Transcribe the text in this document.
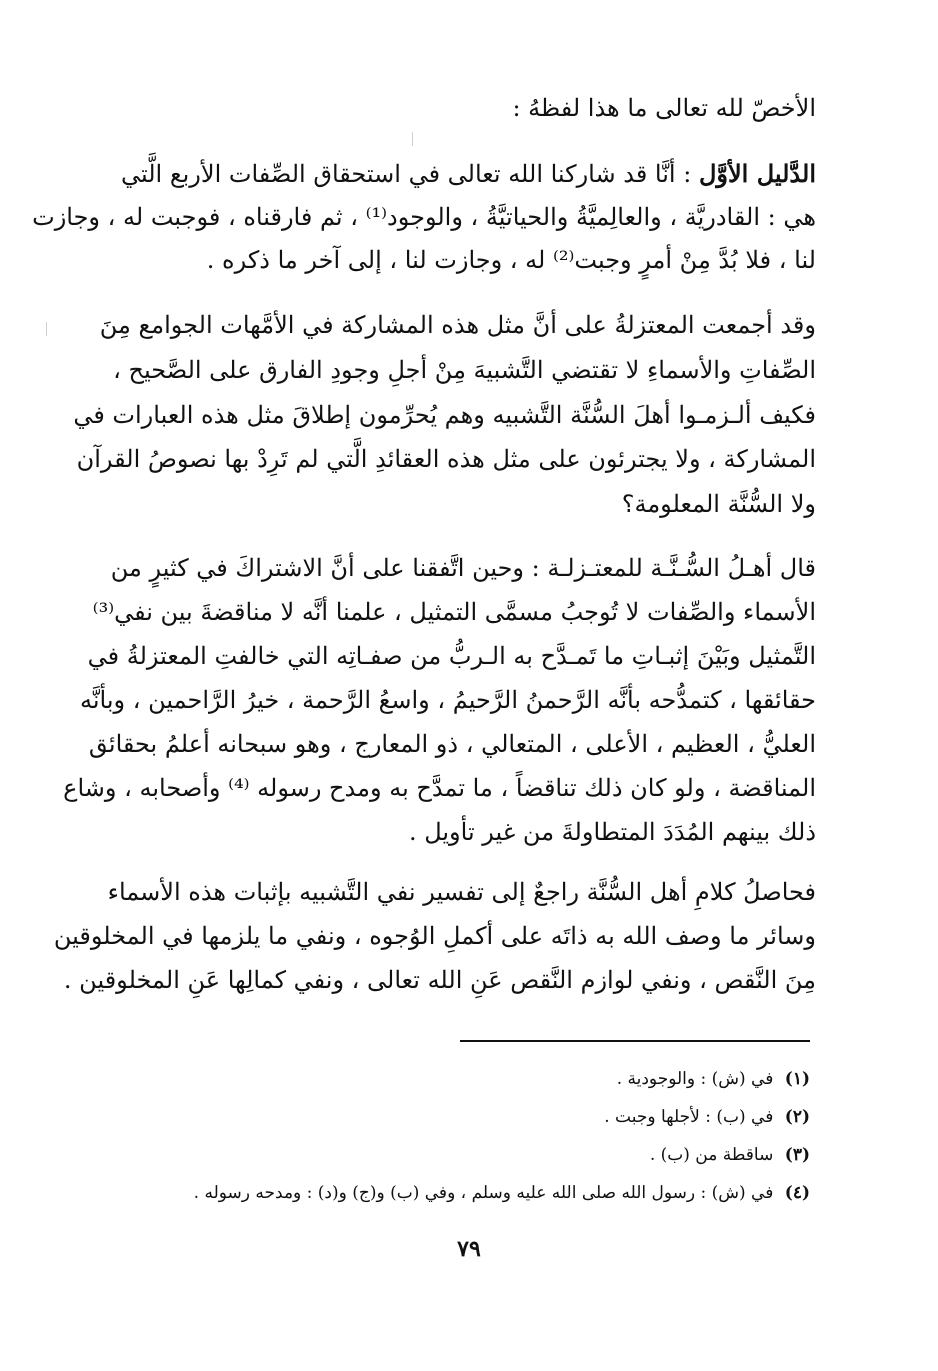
الأخصّ لله تعالى ما هذا لفظهُ :
الدَّليل الأوَّل : أنَّا قد شاركنا الله تعالى في استحقاق الصِّفات الأربع الَّتي
هي : القادريَّة ، والعالِميَّةُ والحياتيَّةُ ، والوجود⁽¹⁾ ، ثم فارقناه ، فوجبت له ، وجازت
لنا ، فلا بُدَّ مِنْ أمرٍ وجبت⁽²⁾ له ، وجازت لنا ، إلى آخر ما ذكره .
وقد أجمعت المعتزلةُ على أنَّ مثل هذه المشاركة في الأمَّهات الجوامع مِنَ
الصِّفاتِ والأسماءِ لا تقتضي التَّشبيهَ مِنْ أجلِ وجودِ الفارق على الصَّحيح ،
فكيف ألـزمـوا أهلَ السُّنَّة التَّشبيه وهم يُحرِّمون إطلاقَ مثل هذه العبارات في
المشاركة ، ولا يجترئون على مثل هذه العقائدِ الَّتي لم تَرِدْ بها نصوصُ القرآن
ولا السُّنَّة المعلومة؟
قال أهـلُ السُّـنَّـة للمعتـزلـة : وحين اتَّفقنا على أنَّ الاشتراكَ في كثيرٍ من
الأسماء والصِّفات لا تُوجبُ مسمَّى التمثيل ، علمنا أنَّه لا مناقضةَ بين نفي⁽³⁾
التَّمثيل وبَيْنَ إثبـاتِ ما تَمـدَّح به الـربُّ من صفـاتِه التي خالفتِ المعتزلةُ في
حقائقها ، كتمدُّحه بأنَّه الرَّحمنُ الرَّحيمُ ، واسعُ الرَّحمة ، خيرُ الرَّاحمين ، وبأنَّه
العليُّ ، العظيم ، الأعلى ، المتعالي ، ذو المعارج ، وهو سبحانه أعلمُ بحقائق
المناقضة ، ولو كان ذلك تناقضاً ، ما تمدَّح به ومدح رسوله ⁽⁴⁾ وأصحابه ، وشاع
ذلك بينهم المُدَدَ المتطاولةَ من غير تأويل .
فحاصلُ كلامِ أهل السُّنَّة راجعٌ إلى تفسير نفي التَّشبيه بإثبات هذه الأسماء
وسائر ما وصف الله به ذاتَه على أكملِ الوُجوه ، ونفي ما يلزمها في المخلوقين
مِنَ النَّقص ، ونفي لوازم النَّقص عَنِ الله تعالى ، ونفي كمالِها عَنِ المخلوقين .
(١) في (ش) : والوجودية .
(٢) في (ب) : لأجلها وجبت .
(٣) ساقطة من (ب) .
(٤) في (ش) : رسول الله صلى الله عليه وسلم ، وفي (ب) و(ج) و(د) : ومدحه رسوله .
٧٩
